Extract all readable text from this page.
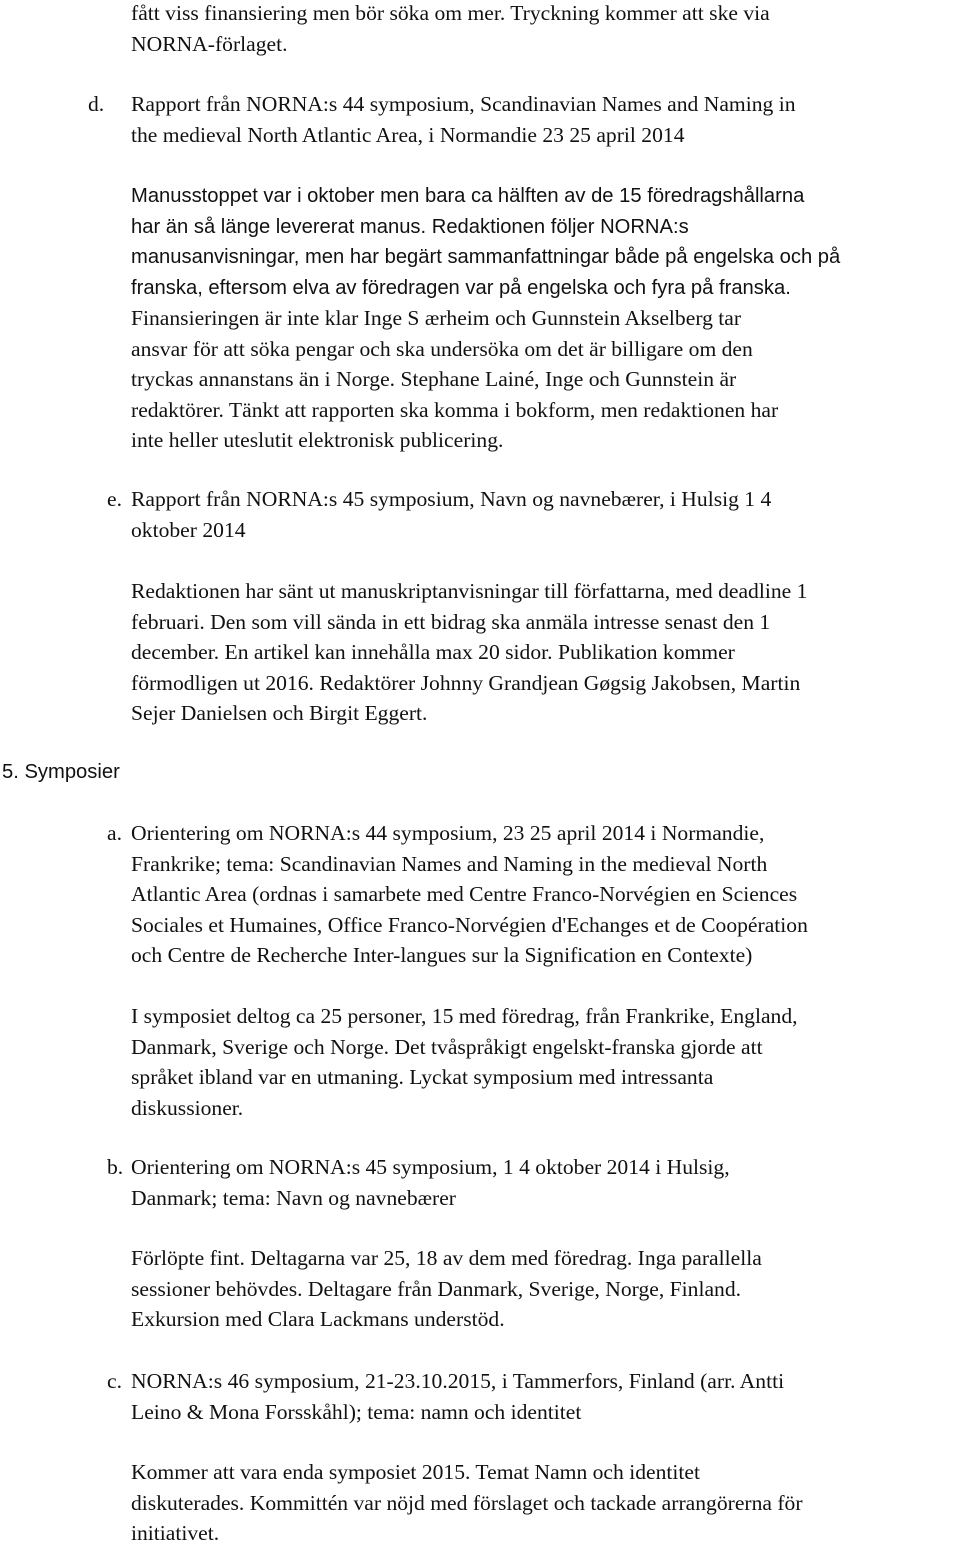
fått viss finansiering men bör söka om mer. Tryckning kommer att ske via
NORNA-förlaget.
d. Rapport från NORNA:s 44 symposium, Scandinavian Names and Naming in
the medieval North Atlantic Area, i Normandie 23 25 april 2014
Manusstoppet var i oktober men bara ca hälften av de 15 föredragshållarna
har än så länge levererat manus. Redaktionen följer NORNA:s
manusanvisningar, men har begärt sammanfattningar både på engelska och på
franska, eftersom elva av föredragen var på engelska och fyra på franska.
Finansieringen är inte klar Inge S ærheim och Gunnstein Akselberg tar
ansvar för att söka pengar och ska undersöka om det är billigare om den
tryckas annanstans än i Norge. Stephane Lainé, Inge och Gunnstein är
redaktörer. Tänkt att rapporten ska komma i bokform, men redaktionen har
inte heller uteslutit elektronisk publicering.
e. Rapport från NORNA:s 45 symposium, Navn og navnebærer, i Hulsig 1 4
oktober 2014
Redaktionen har sänt ut manuskriptanvisningar till författarna, med deadline 1
februari. Den som vill sända in ett bidrag ska anmäla intresse senast den 1
december. En artikel kan innehålla max 20 sidor. Publikation kommer
förmodligen ut 2016. Redaktörer Johnny Grandjean Gøgsig Jakobsen, Martin
Sejer Danielsen och Birgit Eggert.
5. Symposier
a. Orientering om NORNA:s 44 symposium, 23 25 april 2014 i Normandie,
Frankrike; tema: Scandinavian Names and Naming in the medieval North
Atlantic Area (ordnas i samarbete med Centre Franco-Norvégien en Sciences
Sociales et Humaines, Office Franco-Norvégien d'Echanges et de Coopération
och Centre de Recherche Inter-langues sur la Signification en Contexte)
I symposiet deltog ca 25 personer, 15 med föredrag, från Frankrike, England,
Danmark, Sverige och Norge. Det tvåspråkigt engelskt-franska gjorde att
språket ibland var en utmaning. Lyckat symposium med intressanta
diskussioner.
b. Orientering om NORNA:s 45 symposium, 1 4 oktober 2014 i Hulsig,
Danmark; tema: Navn og navnebærer
Förlöpte fint. Deltagarna var 25, 18 av dem med föredrag. Inga parallella
sessioner behövdes. Deltagare från Danmark, Sverige, Norge, Finland.
Exkursion med Clara Lackmans understöd.
c. NORNA:s 46 symposium, 21-23.10.2015, i Tammerfors, Finland (arr. Antti
Leino & Mona Forsskåhl); tema: namn och identitet
Kommer att vara enda symposiet 2015. Temat Namn och identitet
diskuterades. Kommittén var nöjd med förslaget och tackade arrangörerna för
initiativet.
